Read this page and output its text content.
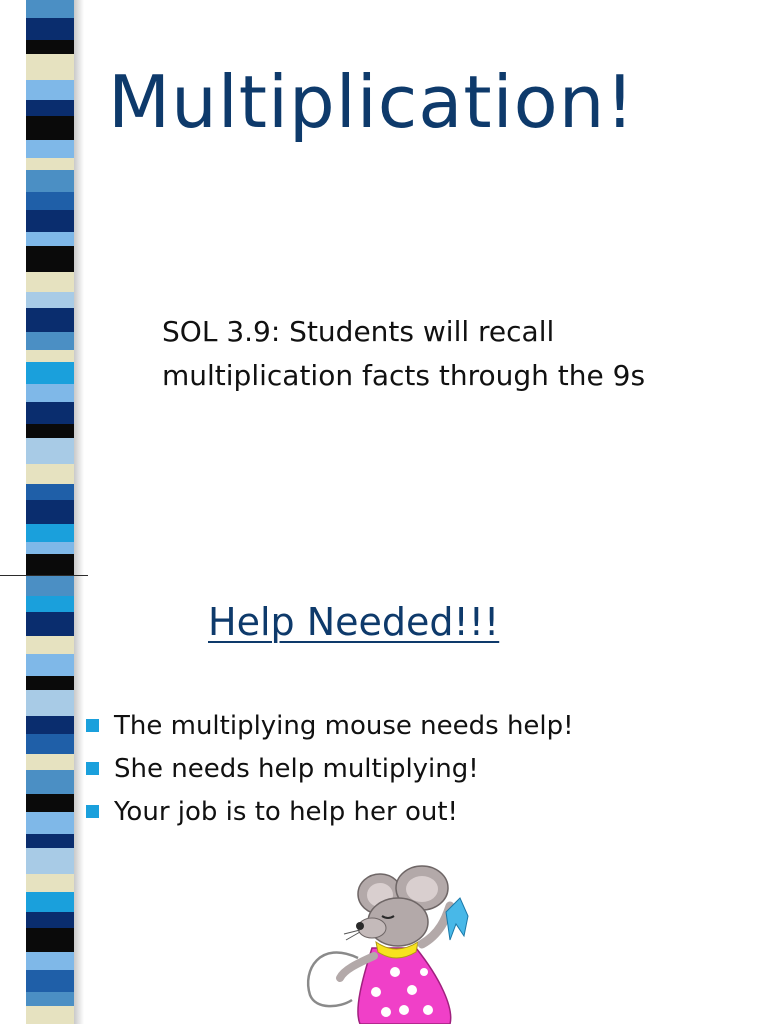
Multiplication!

SOL 3.9: Students will recall multiplication facts through the 9s

Help Needed!!!
The multiplying mouse needs help!
She needs help multiplying!
Your job is to help her out!
